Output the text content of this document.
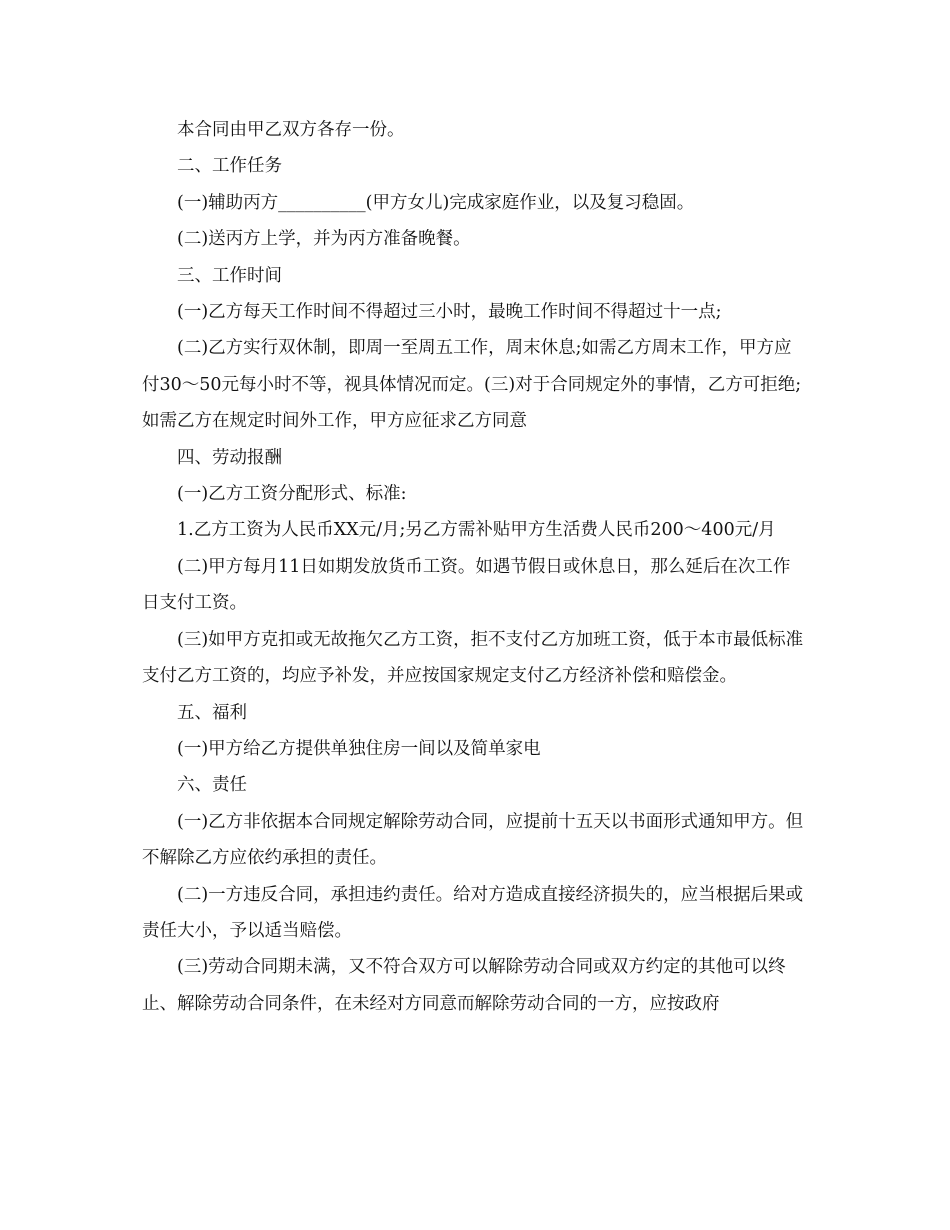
本合同由甲乙双方各存一份。

二、工作任务

(一)辅助丙方__________(甲方女儿)完成家庭作业，以及复习稳固。

(二)送丙方上学，并为丙方准备晚餐。

三、工作时间

(一)乙方每天工作时间不得超过三小时，最晚工作时间不得超过十一点;

(二)乙方实行双休制，即周一至周五工作，周末休息;如需乙方周末工作，甲方应付30～50元每小时不等，视具体情况而定。(三)对于合同规定外的事情，乙方可拒绝;如需乙方在规定时间外工作，甲方应征求乙方同意

四、劳动报酬

(一)乙方工资分配形式、标准:

1.乙方工资为人民币XX元/月;另乙方需补贴甲方生活费人民币200～400元/月

(二)甲方每月11日如期发放货币工资。如遇节假日或休息日，那么延后在次工作日支付工资。

(三)如甲方克扣或无故拖欠乙方工资，拒不支付乙方加班工资，低于本市最低标准支付乙方工资的，均应予补发，并应按国家规定支付乙方经济补偿和赔偿金。

五、福利

(一)甲方给乙方提供单独住房一间以及简单家电

六、责任

(一)乙方非依据本合同规定解除劳动合同，应提前十五天以书面形式通知甲方。但不解除乙方应依约承担的责任。

(二)一方违反合同，承担违约责任。给对方造成直接经济损失的，应当根据后果或责任大小，予以适当赔偿。

(三)劳动合同期未满，又不符合双方可以解除劳动合同或双方约定的其他可以终止、解除劳动合同条件，在未经对方同意而解除劳动合同的一方，应按政府
